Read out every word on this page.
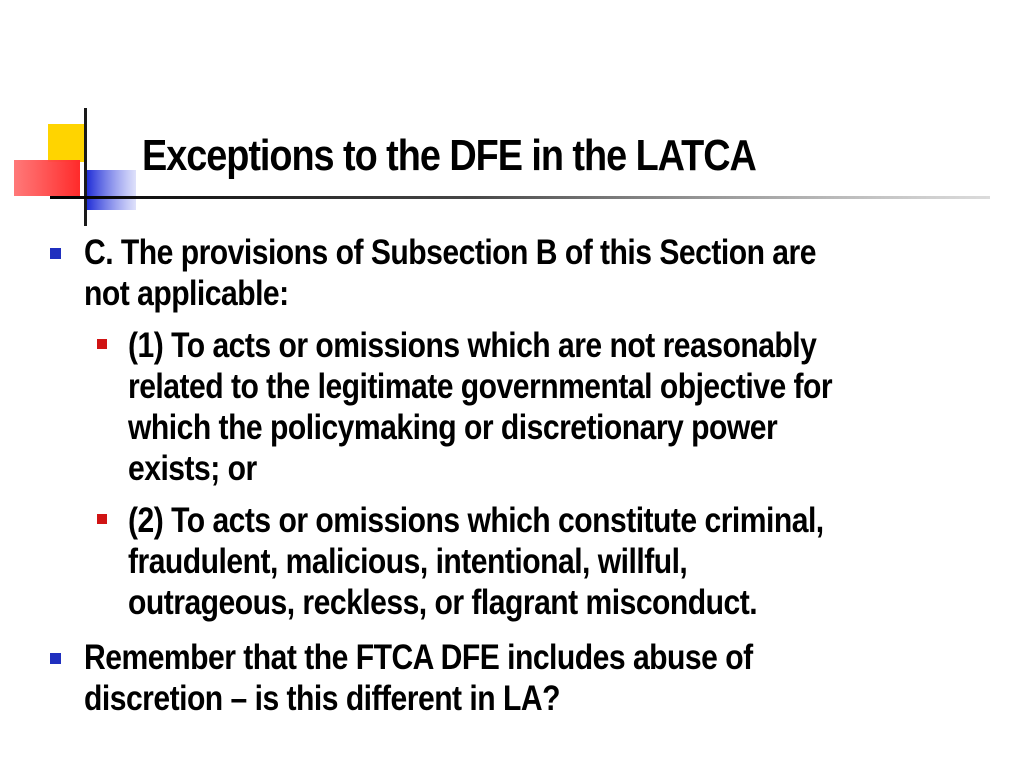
Exceptions to the DFE in the LATCA
C. The provisions of Subsection B of this Section are
not applicable:
(1) To acts or omissions which are not reasonably
related to the legitimate governmental objective for
which the policymaking or discretionary power
exists; or
(2) To acts or omissions which constitute criminal,
fraudulent, malicious, intentional, willful,
outrageous, reckless, or flagrant misconduct.
Remember that the FTCA DFE includes abuse of
discretion – is this different in LA?
